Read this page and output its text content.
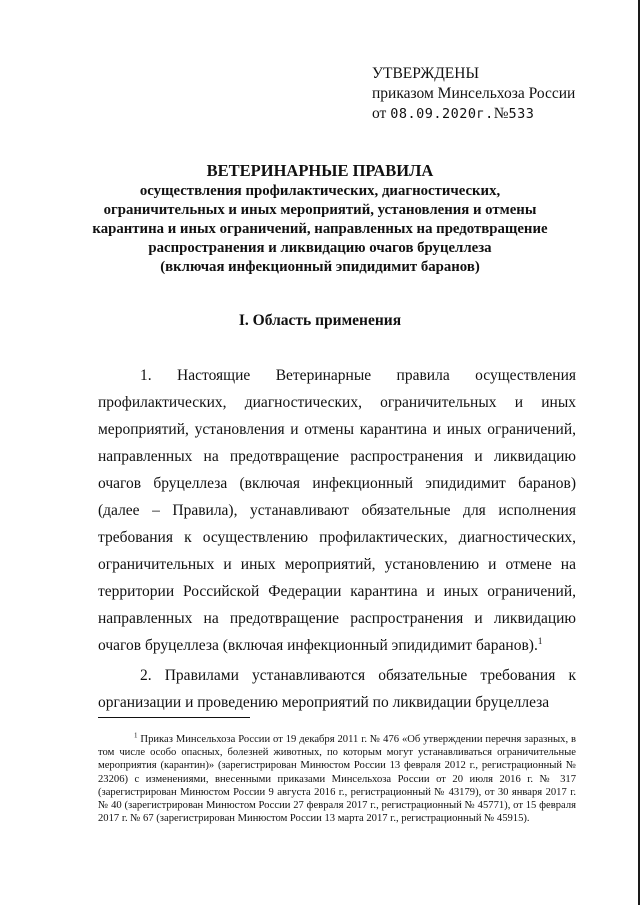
УТВЕРЖДЕНЫ
приказом Минсельхоза России
от 08.09.2020г.№533
ВЕТЕРИНАРНЫЕ ПРАВИЛА
осуществления профилактических, диагностических,
ограничительных и иных мероприятий, установления и отмены
карантина и иных ограничений, направленных на предотвращение
распространения и ликвидацию очагов бруцеллеза
(включая инфекционный эпидидимит баранов)
I. Область применения

1. Настоящие Ветеринарные правила осуществления профилактических, диагностических, ограничительных и иных мероприятий, установления и отмены карантина и иных ограничений, направленных на предотвращение распространения и ликвидацию очагов бруцеллеза (включая инфекционный эпидидимит баранов) (далее – Правила), устанавливают обязательные для исполнения требования к осуществлению профилактических, диагностических, ограничительных и иных мероприятий, установлению и отмене на территории Российской Федерации карантина и иных ограничений, направленных на предотвращение распространения и ликвидацию очагов бруцеллеза (включая инфекционный эпидидимит баранов).$^1$

2. Правилами устанавливаются обязательные требования к организации и проведению мероприятий по ликвидации бруцеллеза

$^1$ Приказ Минсельхоза России от 19 декабря 2011 г. № 476 «Об утверждении перечня заразных, в том числе особо опасных, болезней животных, по которым могут устанавливаться ограничительные мероприятия (карантин)» (зарегистрирован Минюстом России 13 февраля 2012 г., регистрационный № 23206) с изменениями, внесенными приказами Минсельхоза России от 20 июля 2016 г. № 317 (зарегистрирован Минюстом России 9 августа 2016 г., регистрационный № 43179), от 30 января 2017 г. № 40 (зарегистрирован Минюстом России 27 февраля 2017 г., регистрационный № 45771), от 15 февраля 2017 г. № 67 (зарегистрирован Минюстом России 13 марта 2017 г., регистрационный № 45915).
